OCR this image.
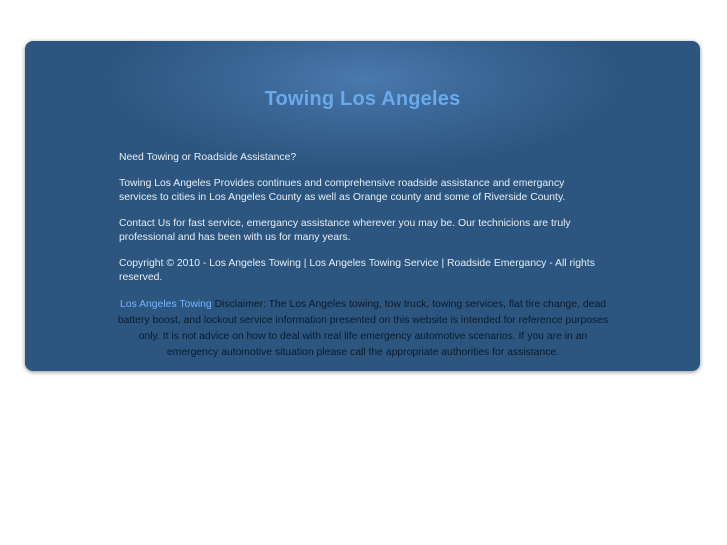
Towing Los Angeles

Need Towing or Roadside Assistance?

Towing Los Angeles Provides continues and comprehensive roadside assistance and emergancy services to cities in Los Angeles County as well as Orange county and some of Riverside County.

Contact Us for fast service, emergancy assistance wherever you may be. Our technicions are truly professional and has been with us for many years.

Copyright © 2010 - Los Angeles Towing | Los Angeles Towing Service | Roadside Emergancy - All rights reserved.

Los Angeles Towing Disclaimer: The Los Angeles towing, tow truck, towing services, flat tire change, dead battery boost, and lockout service information presented on this website is intended for reference purposes only. It is not advice on how to deal with real life emergency automotive scenarios. If you are in an emergency automotive situation please call the appropriate authorities for assistance.
